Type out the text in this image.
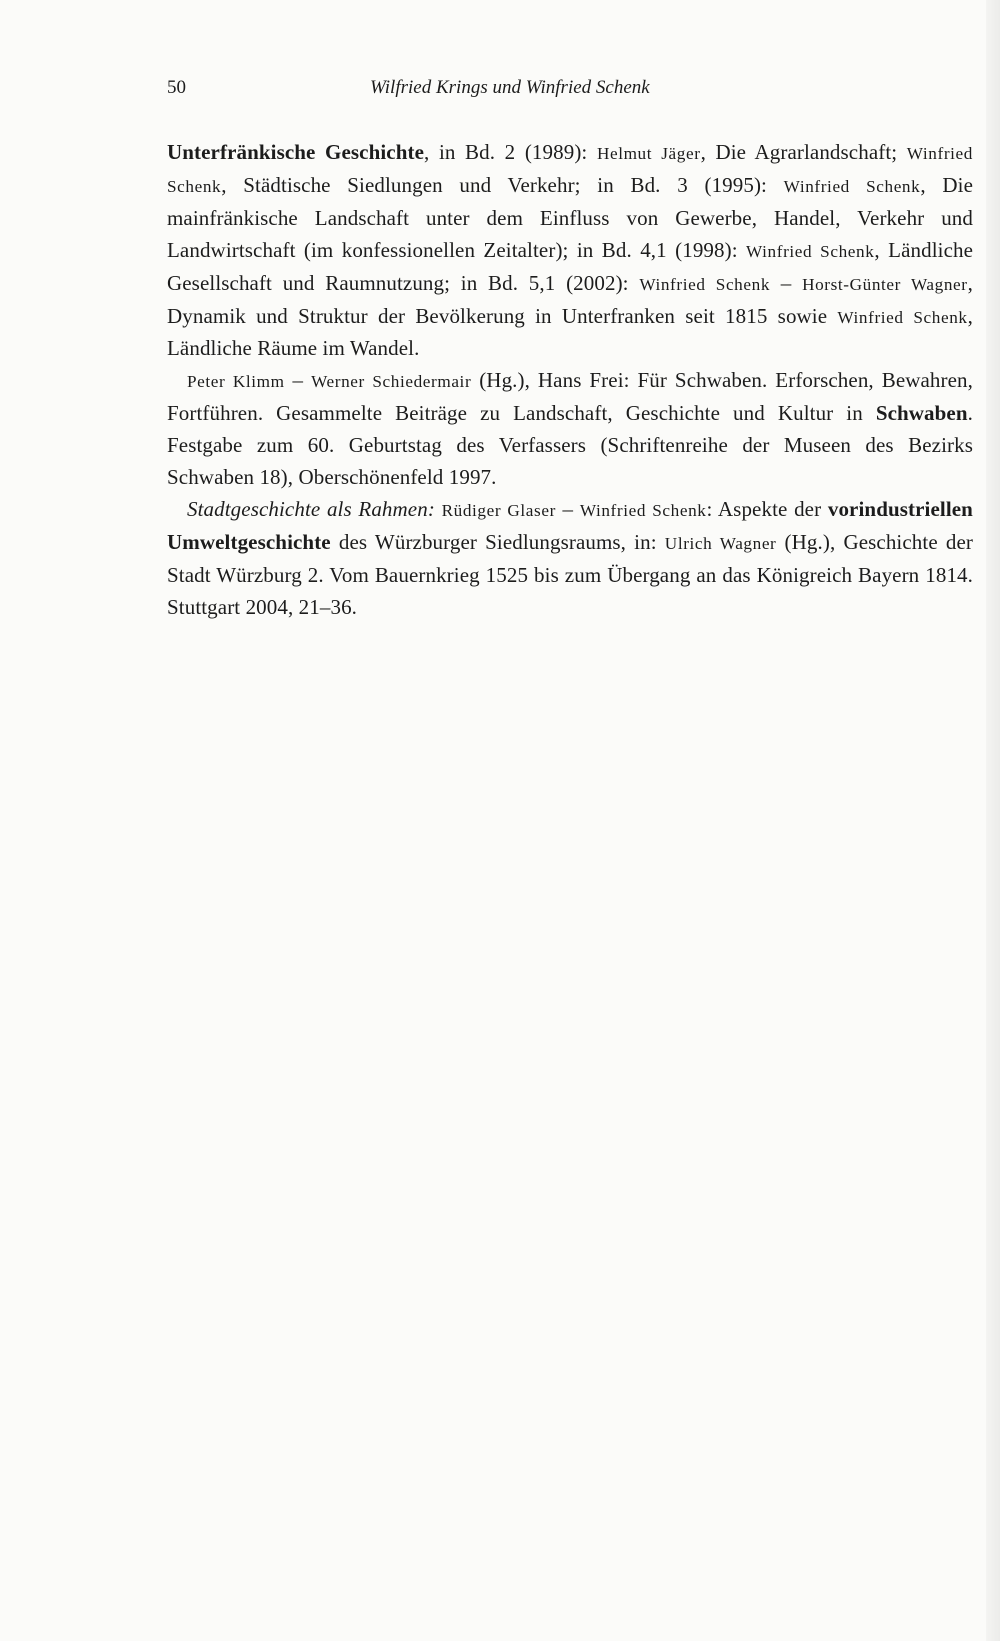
50	Wilfried Krings und Winfried Schenk

Unterfränkische Geschichte, in Bd. 2 (1989): Helmut Jäger, Die Agrarlandschaft; Winfried Schenk, Städtische Siedlungen und Verkehr; in Bd. 3 (1995): Winfried Schenk, Die mainfränkische Landschaft unter dem Einfluss von Gewerbe, Handel, Verkehr und Landwirtschaft (im konfessionellen Zeitalter); in Bd. 4,1 (1998): Winfried Schenk, Ländliche Gesellschaft und Raumnutzung; in Bd. 5,1 (2002): Winfried Schenk – Horst-Günter Wagner, Dynamik und Struktur der Bevölkerung in Unterfranken seit 1815 sowie Winfried Schenk, Ländliche Räume im Wandel.

Peter Klimm – Werner Schiedermair (Hg.), Hans Frei: Für Schwaben. Erforschen, Bewahren, Fortführen. Gesammelte Beiträge zu Landschaft, Geschichte und Kultur in Schwaben. Festgabe zum 60. Geburtstag des Verfassers (Schriftenreihe der Museen des Bezirks Schwaben 18), Oberschönenfeld 1997.

Stadtgeschichte als Rahmen: Rüdiger Glaser – Winfried Schenk: Aspekte der vorindustriellen Umweltgeschichte des Würzburger Siedlungsraums, in: Ulrich Wagner (Hg.), Geschichte der Stadt Würzburg 2. Vom Bauernkrieg 1525 bis zum Übergang an das Königreich Bayern 1814. Stuttgart 2004, 21–36.
